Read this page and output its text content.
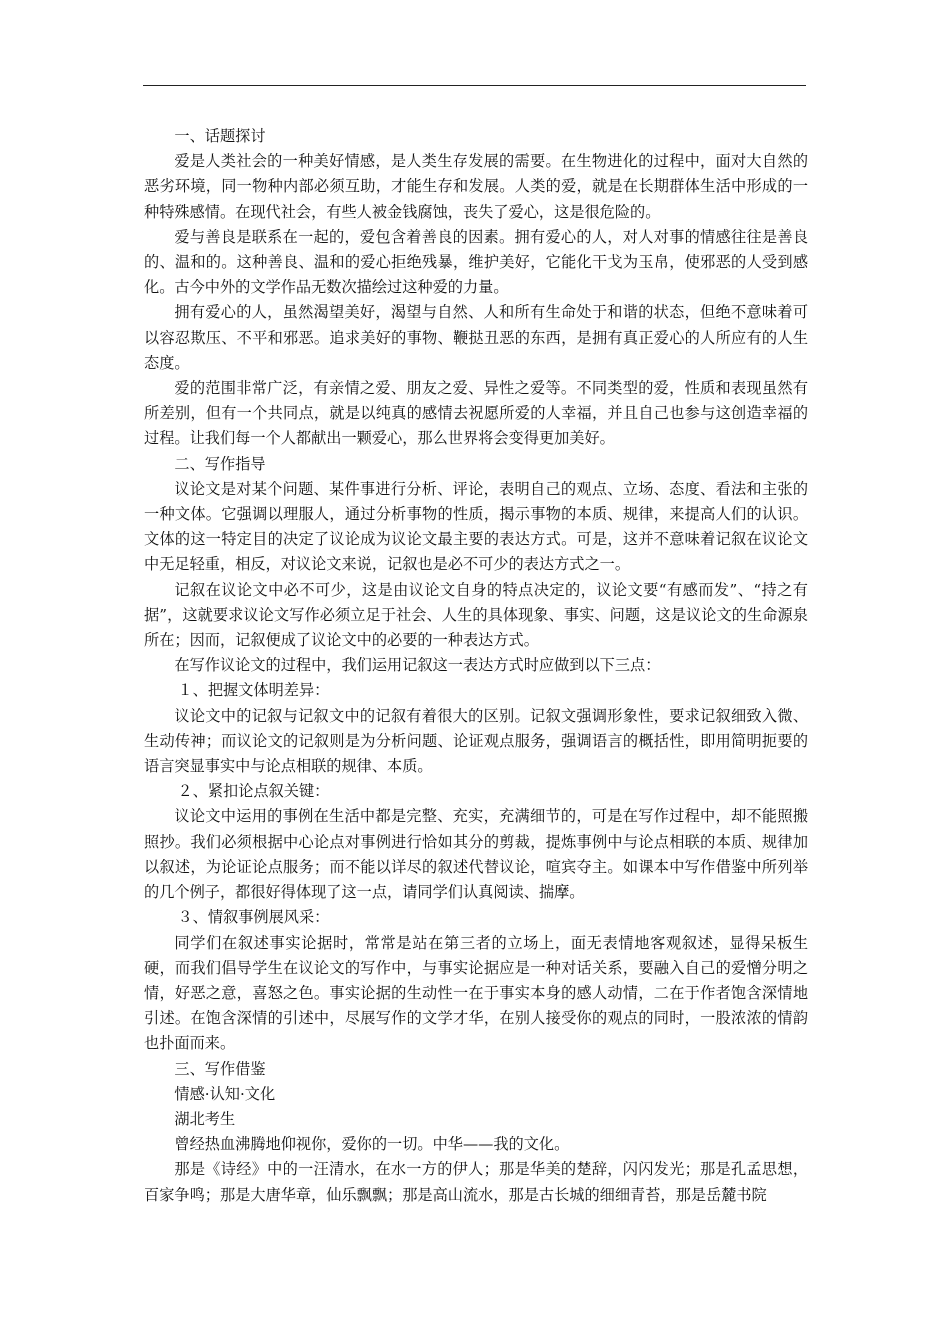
一、话题探讨

爱是人类社会的一种美好情感，是人类生存发展的需要。在生物进化的过程中，面对大自然的恶劣环境，同一物种内部必须互助，才能生存和发展。人类的爱，就是在长期群体生活中形成的一种特殊感情。在现代社会，有些人被金钱腐蚀，丧失了爱心，这是很危险的。

爱与善良是联系在一起的，爱包含着善良的因素。拥有爱心的人，对人对事的情感往往是善良的、温和的。这种善良、温和的爱心拒绝残暴，维护美好，它能化干戈为玉帛，使邪恶的人受到感化。古今中外的文学作品无数次描绘过这种爱的力量。

拥有爱心的人，虽然渴望美好，渴望与自然、人和所有生命处于和谐的状态，但绝不意味着可以容忍欺压、不平和邪恶。追求美好的事物、鞭挞丑恶的东西，是拥有真正爱心的人所应有的人生态度。

爱的范围非常广泛，有亲情之爱、朋友之爱、异性之爱等。不同类型的爱，性质和表现虽然有所差别，但有一个共同点，就是以纯真的感情去祝愿所爱的人幸福，并且自己也参与这创造幸福的过程。让我们每一个人都献出一颗爱心，那么世界将会变得更加美好。

二、写作指导

议论文是对某个问题、某件事进行分析、评论，表明自己的观点、立场、态度、看法和主张的一种文体。它强调以理服人，通过分析事物的性质，揭示事物的本质、规律，来提高人们的认识。文体的这一特定目的决定了议论成为议论文最主要的表达方式。可是，这并不意味着记叙在议论文中无足轻重，相反，对议论文来说，记叙也是必不可少的表达方式之一。

记叙在议论文中必不可少，这是由议论文自身的特点决定的，议论文要“有感而发”、“持之有据”，这就要求议论文写作必须立足于社会、人生的具体现象、事实、问题，这是议论文的生命源泉所在；因而，记叙便成了议论文中的必要的一种表达方式。

在写作议论文的过程中，我们运用记叙这一表达方式时应做到以下三点：

１、把握文体明差异：

议论文中的记叙与记叙文中的记叙有着很大的区别。记叙文强调形象性，要求记叙细致入微、生动传神；而议论文的记叙则是为分析问题、论证观点服务，强调语言的概括性，即用简明扼要的语言突显事实中与论点相联的规律、本质。

２、紧扣论点叙关键：

议论文中运用的事例在生活中都是完整、充实，充满细节的，可是在写作过程中，却不能照搬照抄。我们必须根据中心论点对事例进行恰如其分的剪裁，提炼事例中与论点相联的本质、规律加以叙述，为论证论点服务；而不能以详尽的叙述代替议论，喧宾夺主。如课本中写作借鉴中所列举的几个例子，都很好得体现了这一点，请同学们认真阅读、揣摩。

３、情叙事例展风采：

同学们在叙述事实论据时，常常是站在第三者的立场上，面无表情地客观叙述，显得呆板生硬，而我们倡导学生在议论文的写作中，与事实论据应是一种对话关系，要融入自己的爱憎分明之情，好恶之意，喜怒之色。事实论据的生动性一在于事实本身的感人动情，二在于作者饱含深情地引述。在饱含深情的引述中，尽展写作的文学才华，在别人接受你的观点的同时，一股浓浓的情韵也扑面而来。

三、写作借鉴

情感·认知·文化

湖北考生

曾经热血沸腾地仰视你，爱你的一切。中华——我的文化。

那是《诗经》中的一汪清水，在水一方的伊人；那是华美的楚辞，闪闪发光；那是孔孟思想，百家争鸣；那是大唐华章，仙乐飘飘；那是高山流水，那是古长城的细细青苔，那是岳麓书院
